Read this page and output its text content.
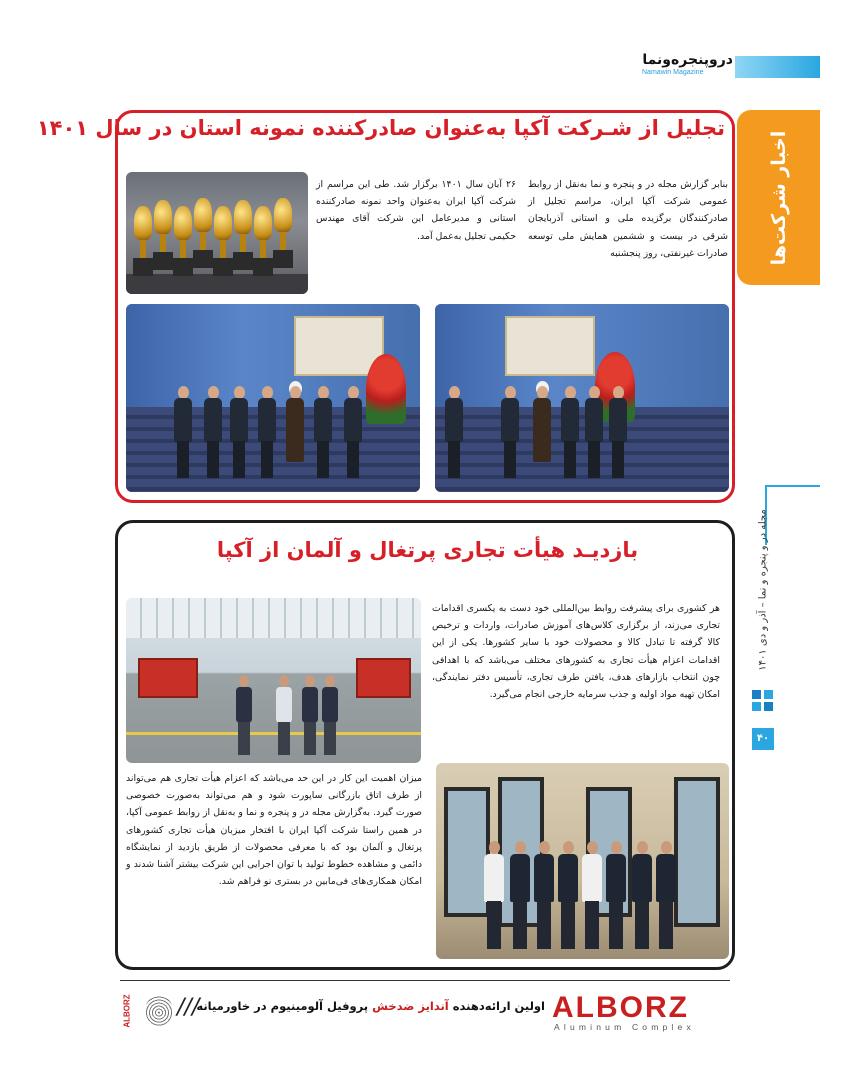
دروپنجره‌ونما
Namawin Magazine
اخبار شرکت‌ها
مجله در و پنجره و نما – آذر و دی ۱۴۰۱
۴۰
تجلیل از شـرکت آکپا به‌عنوان صادرکننده نمونه استان در سال ۱۴۰۱
بنابر گزارش مجله در و پنجره و نما به‌نقل از روابط عمومی شرکت آکپا ایران، مراسم تجلیل از صادرکنندگان برگزیده ملی و استانی آذربایجان شرقی در بیست و ششمین همایش ملی توسعه صادرات غیرنفتی، روز پنجشنبه
۲۶ آبان سال ۱۴۰۱ برگزار شد. طی این مراسم از شرکت آکپا ایران به‌عنوان واحد نمونه صادرکننده استانی و مدیرعامل این شرکت آقای مهندس حکیمی تجلیل به‌عمل آمد.
بازدیـد هیأت تجاری پرتغال و آلمان از آکپا
هر کشوری برای پیشرفت روابط بین‌المللی خود دست به یکسری اقدامات تجاری می‌زند، از برگزاری کلاس‌های آموزش صادرات، واردات و ترخیص کالا گرفته تا تبادل کالا و محصولات خود با سایر کشورها. یکی از این اقدامات اعزام هیأت تجاری به کشورهای مختلف می‌باشد که با اهدافی چون انتخاب بازارهای هدف، یافتن طرف تجاری، تأسیس دفتر نمایندگی، امکان تهیه مواد اولیه و جذب سرمایه خارجی انجام می‌گیرد.
میزان اهمیت این کار در این حد می‌باشد که اعزام هیأت تجاری هم می‌تواند از طرف اتاق بازرگانی ساپورت شود و هم می‌تواند به‌صورت خصوصی صورت گیرد. به‌گزارش مجله در و پنجره و نما و به‌نقل از روابط عمومی آکپا، در همین راستا شرکت آکپا ایران با افتخار میزبان هیأت تجاری کشورهای پرتغال و آلمان بود که با معرفی محصولات از طریق بازدید از نمایشگاه دائمی و مشاهده خطوط تولید با توان اجرایی این شرکت بیشتر آشنا شدند و امکان همکاری‌های فی‌مابین در بستری نو فراهم شد.
ALBORZ
Aluminum Complex
اولین ارائه‌دهنده آندایز ضدخش پروفیل آلومینیوم در خاورمیانه
///
ALBORZ
